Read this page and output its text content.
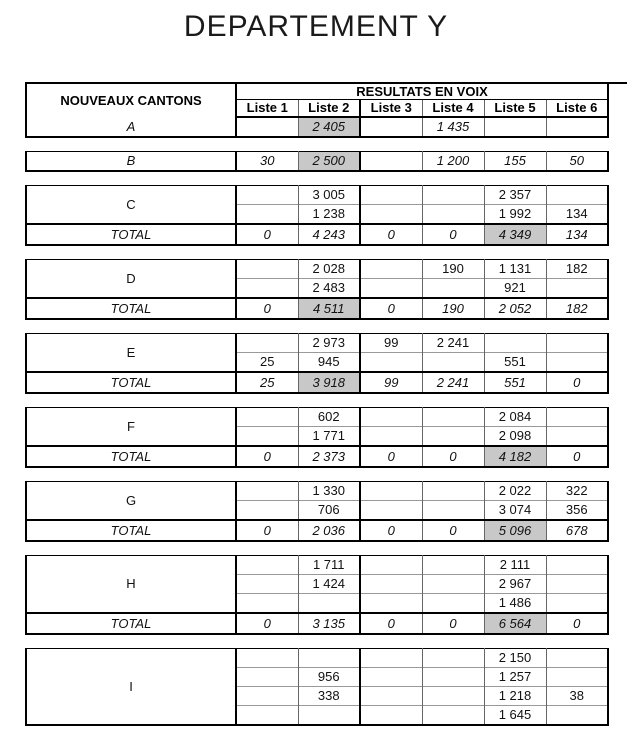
DEPARTEMENT Y
NOUVEAUX CANTONS	RESULTATS EN VOIX					
	Liste 1	Liste 2	Liste 3	Liste 4	Liste 5	Liste 6
A		2 405		1 435		
B	30	2 500		1 200	155	50
C		3 005			2 357	
		1 238			1 992	134
TOTAL	0	4 243	0	0	4 349	134
D		2 028		190	1 131	182
		2 483			921	
TOTAL	0	4 511	0	190	2 052	182
E		2 973	99	2 241		
	25	945			551	
TOTAL	25	3 918	99	2 241	551	0
F		602			2 084	
		1 771			2 098	
TOTAL	0	2 373	0	0	4 182	0
G		1 330			2 022	322
		706			3 074	356
TOTAL	0	2 036	0	0	5 096	678
H		1 711			2 111	
		1 424			2 967	
					1 486	
TOTAL	0	3 135	0	0	6 564	0
I					2 150	
		956			1 257	
		338			1 218	38
					1 645	
